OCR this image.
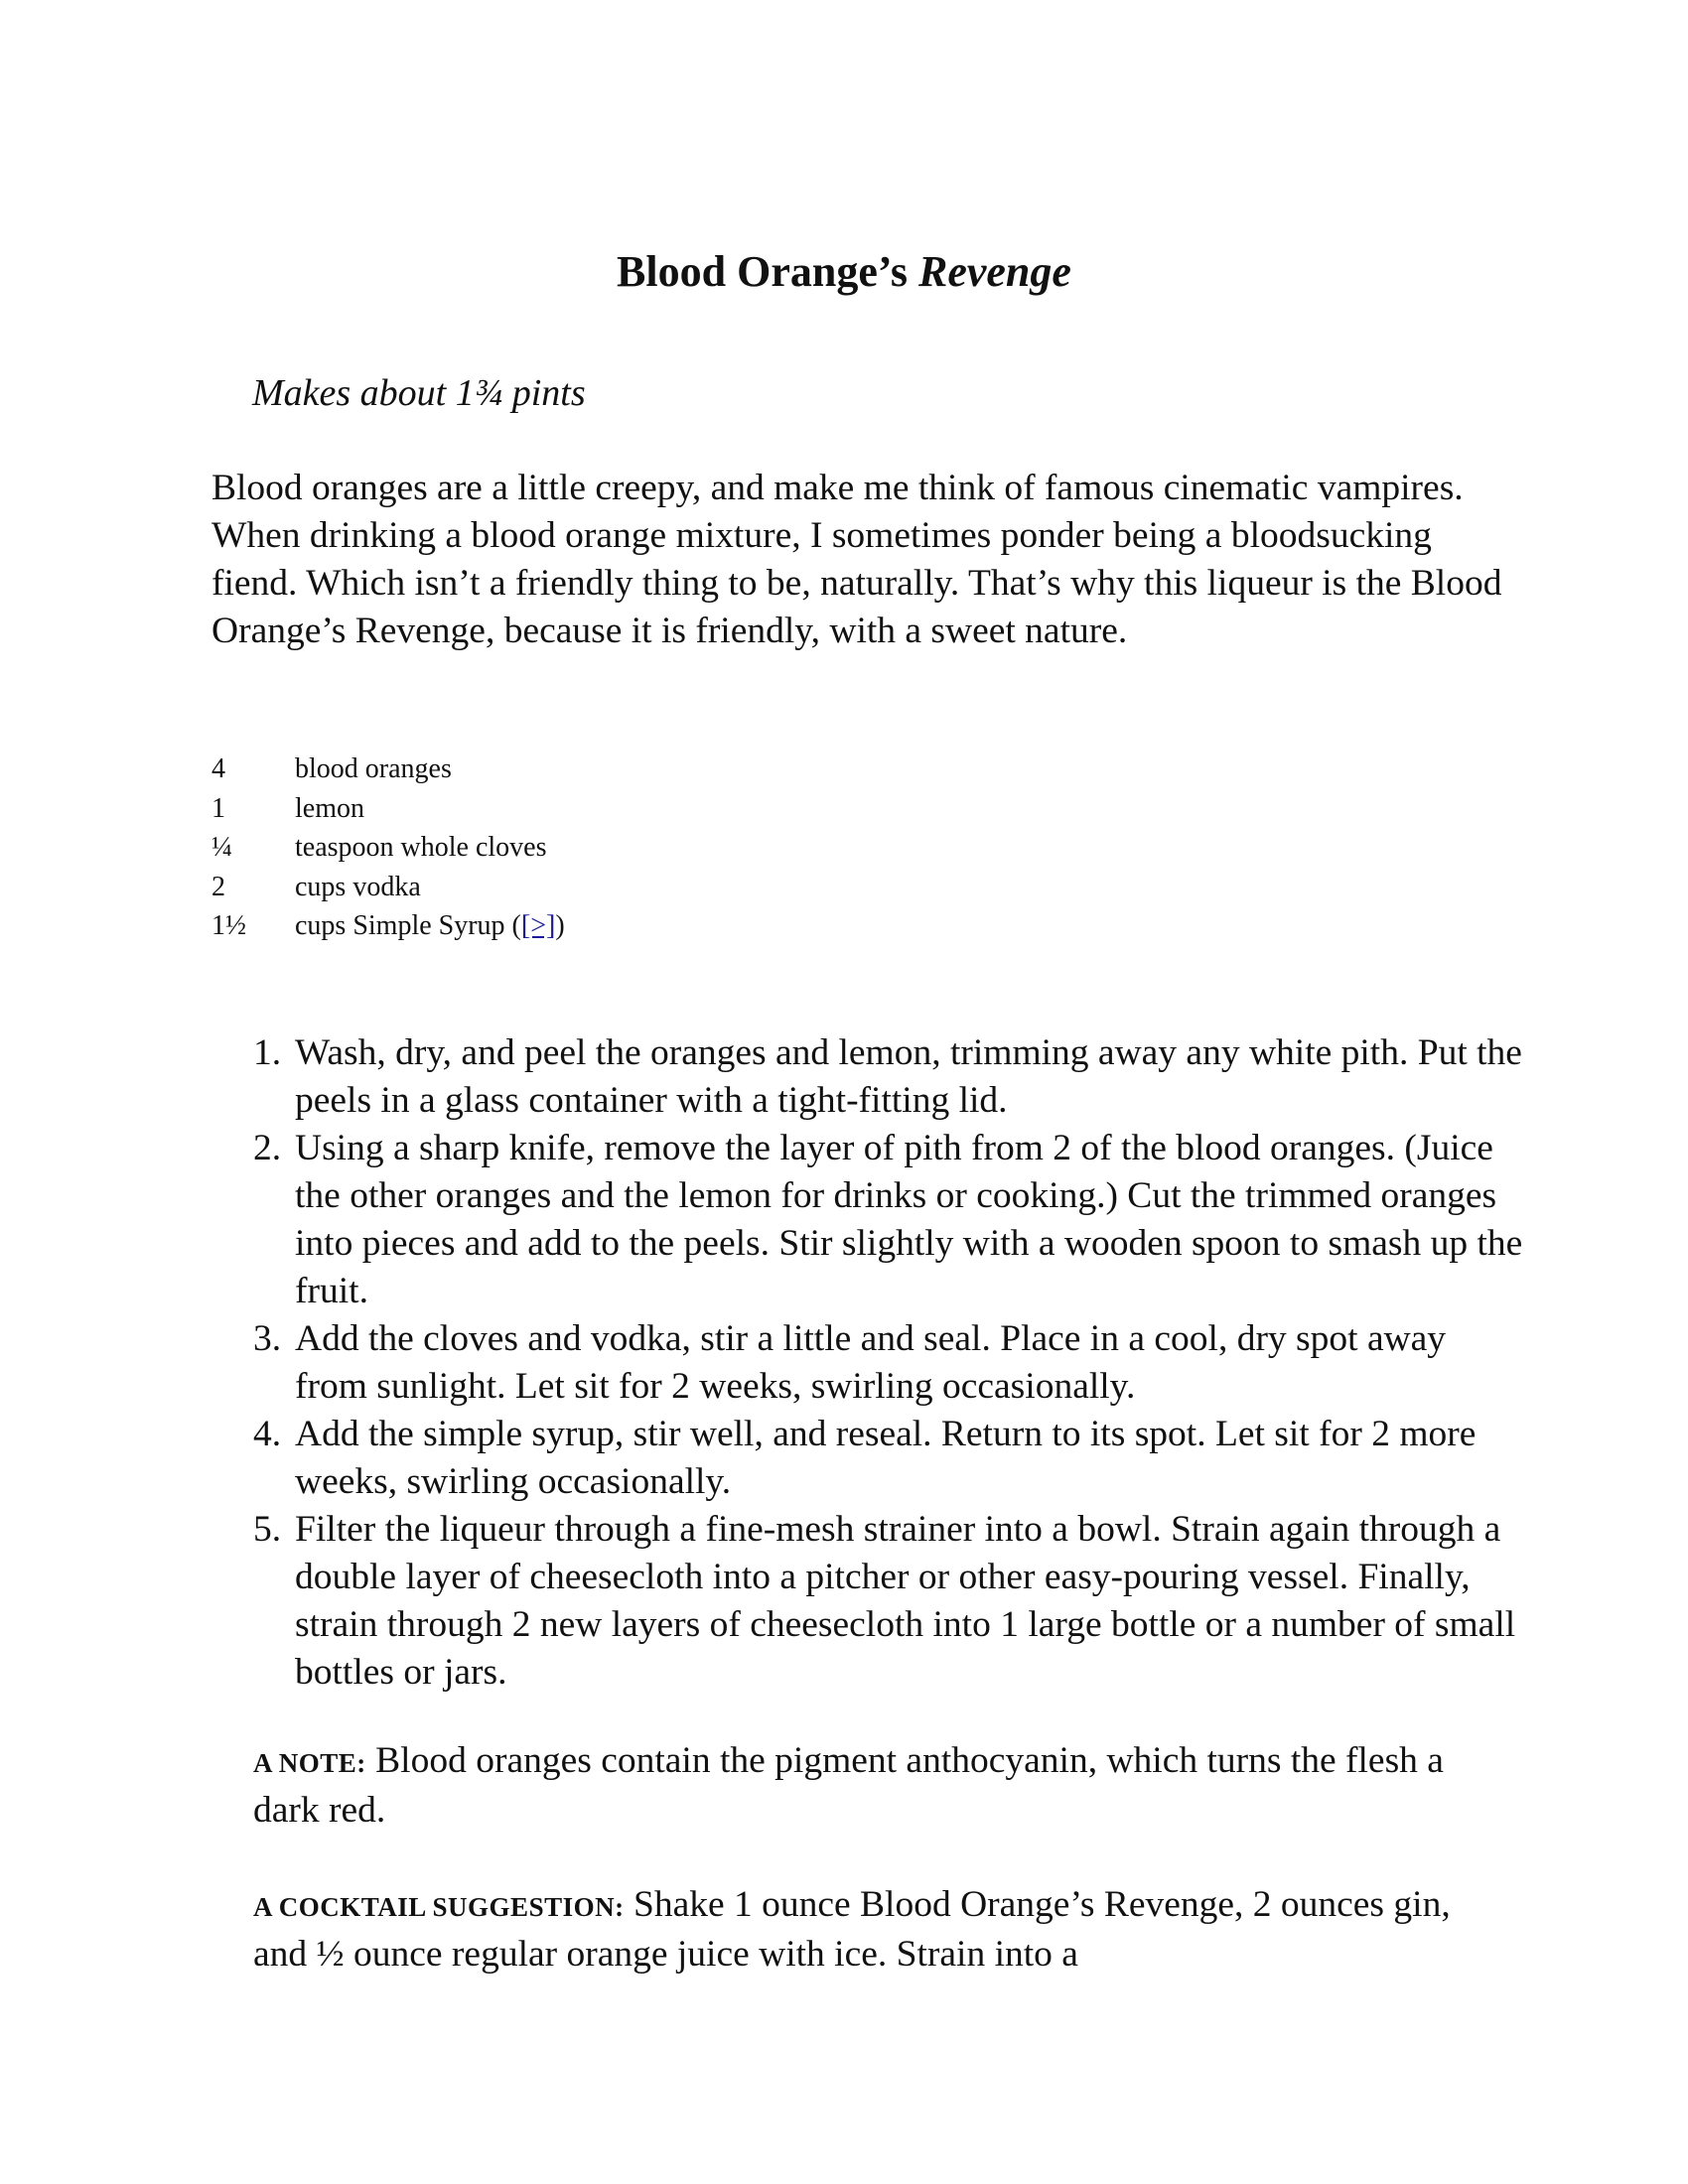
Blood Orange’s Revenge
Makes about 1¾ pints

Blood oranges are a little creepy, and make me think of famous cinematic vampires. When drinking a blood orange mixture, I sometimes ponder being a bloodsucking fiend. Which isn’t a friendly thing to be, naturally. That’s why this liqueur is the Blood Orange’s Revenge, because it is friendly, with a sweet nature.

4	blood oranges
1	lemon
¼	teaspoon whole cloves
2	cups vodka
1½	cups Simple Syrup ([>])
1. Wash, dry, and peel the oranges and lemon, trimming away any white pith. Put the peels in a glass container with a tight-fitting lid.
2. Using a sharp knife, remove the layer of pith from 2 of the blood oranges. (Juice the other oranges and the lemon for drinks or cooking.) Cut the trimmed oranges into pieces and add to the peels. Stir slightly with a wooden spoon to smash up the fruit.
3. Add the cloves and vodka, stir a little and seal. Place in a cool, dry spot away from sunlight. Let sit for 2 weeks, swirling occasionally.
4. Add the simple syrup, stir well, and reseal. Return to its spot. Let sit for 2 more weeks, swirling occasionally.
5. Filter the liqueur through a fine-mesh strainer into a bowl. Strain again through a double layer of cheesecloth into a pitcher or other easy-pouring vessel. Finally, strain through 2 new layers of cheesecloth into 1 large bottle or a number of small bottles or jars.

A NOTE: Blood oranges contain the pigment anthocyanin, which turns the flesh a dark red.

A COCKTAIL SUGGESTION: Shake 1 ounce Blood Orange’s Revenge, 2 ounces gin, and ½ ounce regular orange juice with ice. Strain into a
